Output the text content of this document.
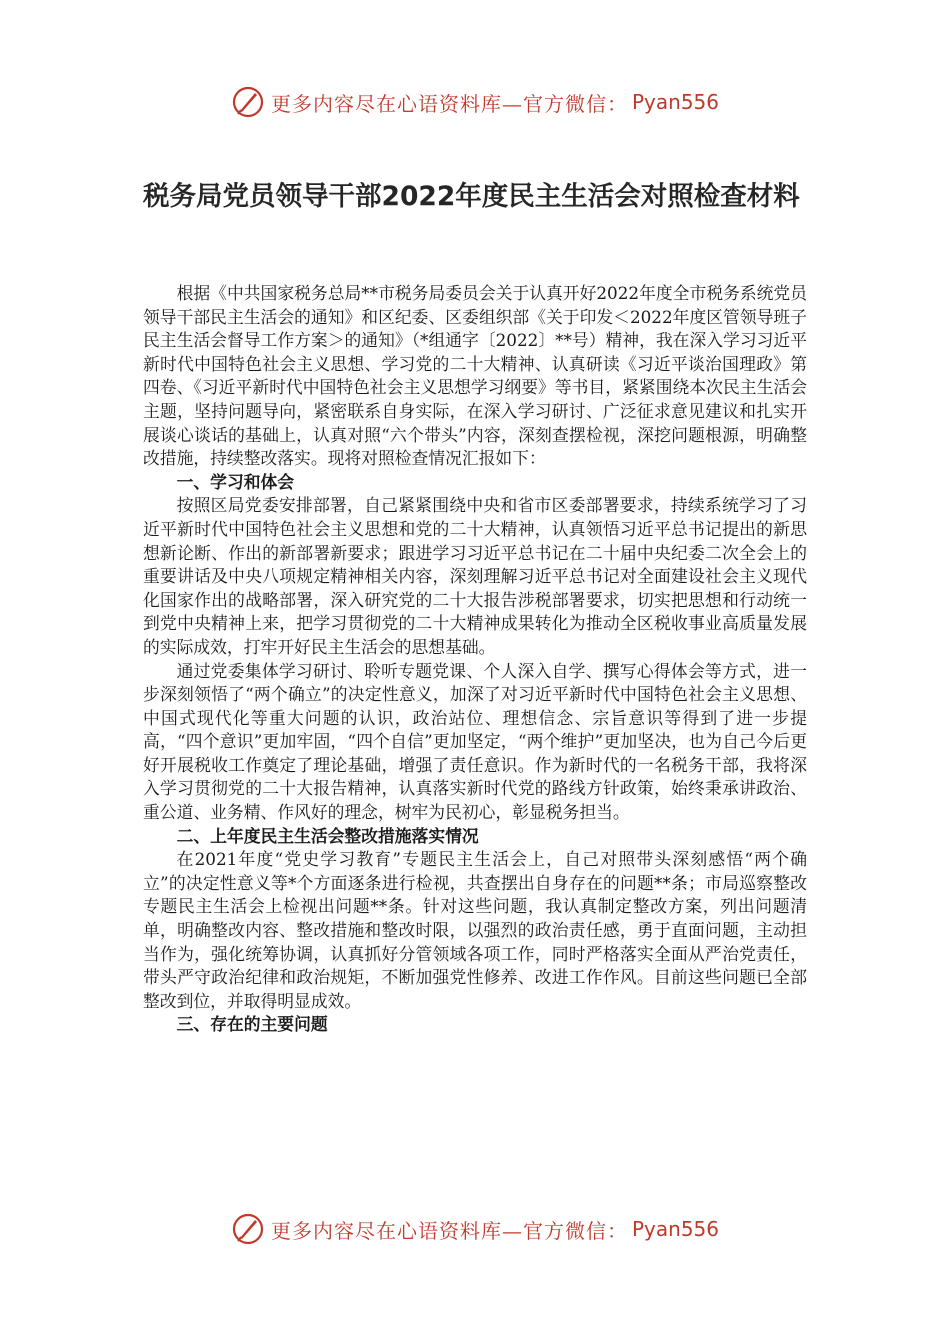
更多内容尽在心语资料库—官方微信： Pyan556
税务局党员领导干部2022年度民主生活会对照检查材料

根据《中共国家税务总局**市税务局委员会关于认真开好2022年度全市税务系统党员领导干部民主生活会的通知》和区纪委、区委组织部《关于印发＜2022年度区管领导班子民主生活会督导工作方案＞的通知》（*组通字〔2022〕**号）精神，我在深入学习习近平新时代中国特色社会主义思想、学习党的二十大精神、认真研读《习近平谈治国理政》第四卷、《习近平新时代中国特色社会主义思想学习纲要》等书目，紧紧围绕本次民主生活会主题，坚持问题导向，紧密联系自身实际，在深入学习研讨、广泛征求意见建议和扎实开展谈心谈话的基础上，认真对照“六个带头”内容，深刻查摆检视，深挖问题根源，明确整改措施，持续整改落实。现将对照检查情况汇报如下：

一、学习和体会

按照区局党委安排部署，自己紧紧围绕中央和省市区委部署要求，持续系统学习了习近平新时代中国特色社会主义思想和党的二十大精神，认真领悟习近平总书记提出的新思想新论断、作出的新部署新要求；跟进学习习近平总书记在二十届中央纪委二次全会上的重要讲话及中央八项规定精神相关内容，深刻理解习近平总书记对全面建设社会主义现代化国家作出的战略部署，深入研究党的二十大报告涉税部署要求，切实把思想和行动统一到党中央精神上来，把学习贯彻党的二十大精神成果转化为推动全区税收事业高质量发展的实际成效，打牢开好民主生活会的思想基础。

通过党委集体学习研讨、聆听专题党课、个人深入自学、撰写心得体会等方式，进一步深刻领悟了“两个确立”的决定性意义，加深了对习近平新时代中国特色社会主义思想、中国式现代化等重大问题的认识，政治站位、理想信念、宗旨意识等得到了进一步提高，“四个意识”更加牢固，“四个自信”更加坚定，“两个维护”更加坚决，也为自己今后更好开展税收工作奠定了理论基础，增强了责任意识。作为新时代的一名税务干部，我将深入学习贯彻党的二十大报告精神，认真落实新时代党的路线方针政策，始终秉承讲政治、重公道、业务精、作风好的理念，树牢为民初心，彰显税务担当。

二、上年度民主生活会整改措施落实情况

在2021年度“党史学习教育”专题民主生活会上，自己对照带头深刻感悟“两个确立”的决定性意义等*个方面逐条进行检视，共查摆出自身存在的问题**条；市局巡察整改专题民主生活会上检视出问题**条。针对这些问题，我认真制定整改方案，列出问题清单，明确整改内容、整改措施和整改时限，以强烈的政治责任感，勇于直面问题，主动担当作为，强化统筹协调，认真抓好分管领域各项工作，同时严格落实全面从严治党责任，带头严守政治纪律和政治规矩，不断加强党性修养、改进工作作风。目前这些问题已全部整改到位，并取得明显成效。

三、存在的主要问题
更多内容尽在心语资料库—官方微信： Pyan556
